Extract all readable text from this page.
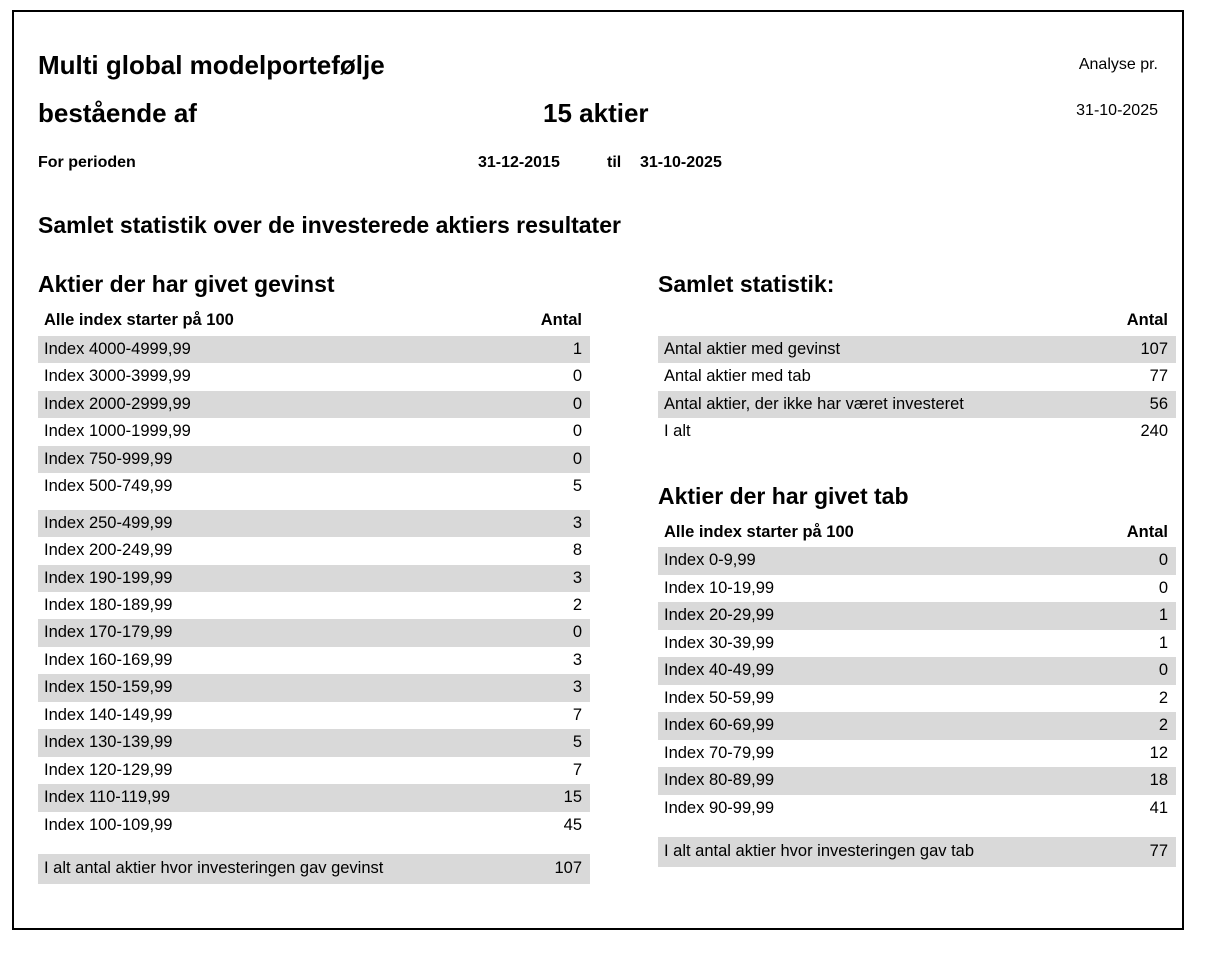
Multi global modelportefølje
bestående af	15 aktier
Analyse pr.
31-10-2025
For perioden	31-12-2015	til 31-10-2025
Samlet statistik over de investerede aktiers resultater
Aktier der har givet gevinst
Alle index starter på 100	Antal
Index 4000-4999,99	1
Index 3000-3999,99	0
Index 2000-2999,99	0
Index 1000-1999,99	0
Index 750-999,99	0
Index 500-749,99	5

Index 250-499,99	3
Index 200-249,99	8
Index 190-199,99	3
Index 180-189,99	2
Index 170-179,99	0
Index 160-169,99	3
Index 150-159,99	3
Index 140-149,99	7
Index 130-139,99	5
Index 120-129,99	7
Index 110-119,99	15
Index 100-109,99	45

I alt antal aktier hvor investeringen gav gevinst	107
Samlet statistik:
	Antal
Antal aktier med gevinst	107
Antal aktier med tab	77
Antal aktier, der ikke har været investeret	56
I alt	240
Aktier der har givet tab
Alle index starter på 100	Antal
Index 0-9,99	0
Index 10-19,99	0
Index 20-29,99	1
Index 30-39,99	1
Index 40-49,99	0
Index 50-59,99	2
Index 60-69,99	2
Index 70-79,99	12
Index 80-89,99	18
Index 90-99,99	41

I alt antal aktier hvor investeringen gav tab	77
